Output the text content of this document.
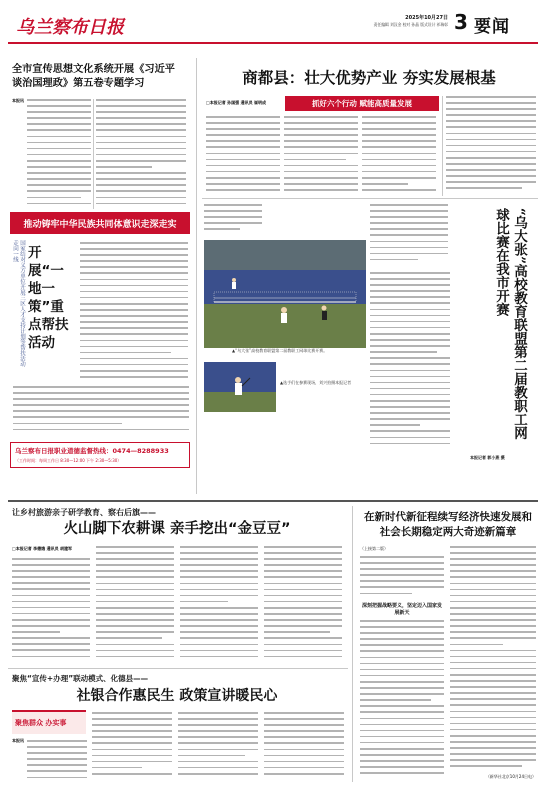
乌兰察布日报	2025年10月27日
责任编辑 刘汉金 校对 孙晶 版式设计 祁瑞彰 3 要闻
全市宣传思想文化系统开展《习近平谈治国理政》第五卷专题学习
本报讯
推动铸牢中华民族共同体意识走深走实
国家结对义方单位开展三区人才支持计划等帮扶活动 走向一线 开展“一地一策”重点帮扶活动
乌兰察布日报职业道德监督热线：0474—8288933
（工作时间：每周工作日 8:30—12:00 下午 2:30—5:30）
商都县：壮大优势产业 夯实发展根基
□本报记者 孙国强 通讯员 崔明成	抓好六个行动 赋能高质量发展
▲“乌大张”高校教育联盟第二届教职工网球比赛开赛。
▲选手们在参赛现场，刘兴拍摄本报记者	“乌大张”高校教育联盟第二届教职工网球比赛在我市开赛
本报记者 郭小燕 摄
让乡村旅游亲子研学教育、察右后旗——
火山脚下农耕课 亲手挖出“金豆豆”
□本报记者 李德娥 通讯员 胡建军
聚焦“宣传+办理”联动模式、化德县——
社银合作惠民生 政策宣讲暖民心
聚焦群众 办实事
本报讯
在新时代新征程续写经济快速发展和社会长期稳定两大奇迹新篇章
（上接第二版）
深刻把握战略要义，坚定迈入国家发展新天
（新华社北京10月24日电）
